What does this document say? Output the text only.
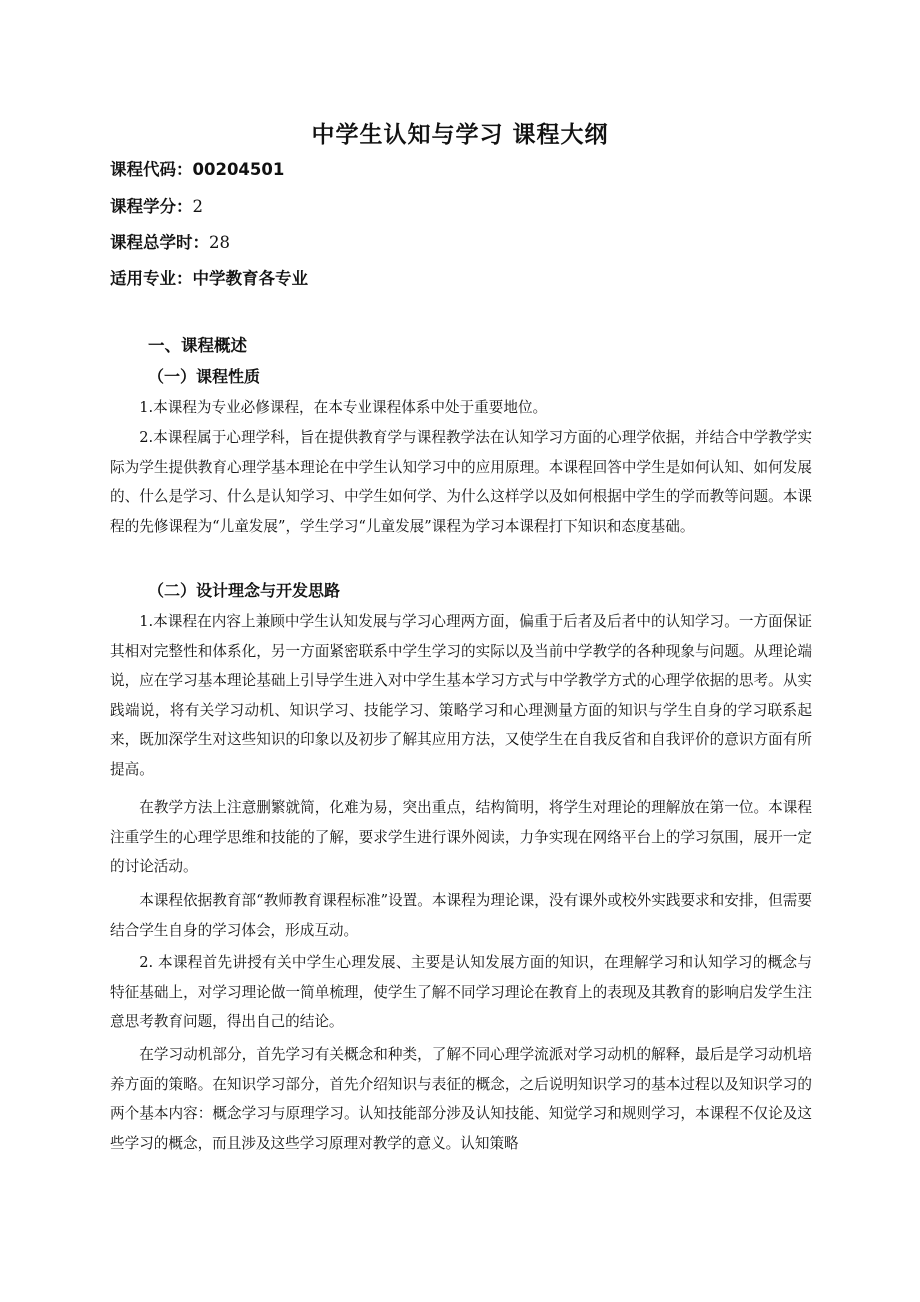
中学生认知与学习 课程大纲
课程代码：00204501
课程学分：2
课程总学时：28
适用专业：中学教育各专业
一、课程概述
（一）课程性质

1.本课程为专业必修课程，在本专业课程体系中处于重要地位。

2.本课程属于心理学科，旨在提供教育学与课程教学法在认知学习方面的心理学依据，并结合中学教学实际为学生提供教育心理学基本理论在中学生认知学习中的应用原理。本课程回答中学生是如何认知、如何发展的、什么是学习、什么是认知学习、中学生如何学、为什么这样学以及如何根据中学生的学而教等问题。本课程的先修课程为“儿童发展”，学生学习“儿童发展”课程为学习本课程打下知识和态度基础。

（二）设计理念与开发思路

1.本课程在内容上兼顾中学生认知发展与学习心理两方面，偏重于后者及后者中的认知学习。一方面保证其相对完整性和体系化，另一方面紧密联系中学生学习的实际以及当前中学教学的各种现象与问题。从理论端说，应在学习基本理论基础上引导学生进入对中学生基本学习方式与中学教学方式的心理学依据的思考。从实践端说，将有关学习动机、知识学习、技能学习、策略学习和心理测量方面的知识与学生自身的学习联系起来，既加深学生对这些知识的印象以及初步了解其应用方法，又使学生在自我反省和自我评价的意识方面有所提高。

在教学方法上注意删繁就简，化难为易，突出重点，结构简明，将学生对理论的理解放在第一位。本课程注重学生的心理学思维和技能的了解，要求学生进行课外阅读，力争实现在网络平台上的学习氛围，展开一定的讨论活动。

本课程依据教育部“教师教育课程标准”设置。本课程为理论课，没有课外或校外实践要求和安排，但需要结合学生自身的学习体会，形成互动。

2. 本课程首先讲授有关中学生心理发展、主要是认知发展方面的知识，在理解学习和认知学习的概念与特征基础上，对学习理论做一简单梳理，使学生了解不同学习理论在教育上的表现及其教育的影响启发学生注意思考教育问题，得出自己的结论。

在学习动机部分，首先学习有关概念和种类，了解不同心理学流派对学习动机的解释，最后是学习动机培养方面的策略。在知识学习部分，首先介绍知识与表征的概念，之后说明知识学习的基本过程以及知识学习的两个基本内容：概念学习与原理学习。认知技能部分涉及认知技能、知觉学习和规则学习，本课程不仅论及这些学习的概念，而且涉及这些学习原理对教学的意义。认知策略
